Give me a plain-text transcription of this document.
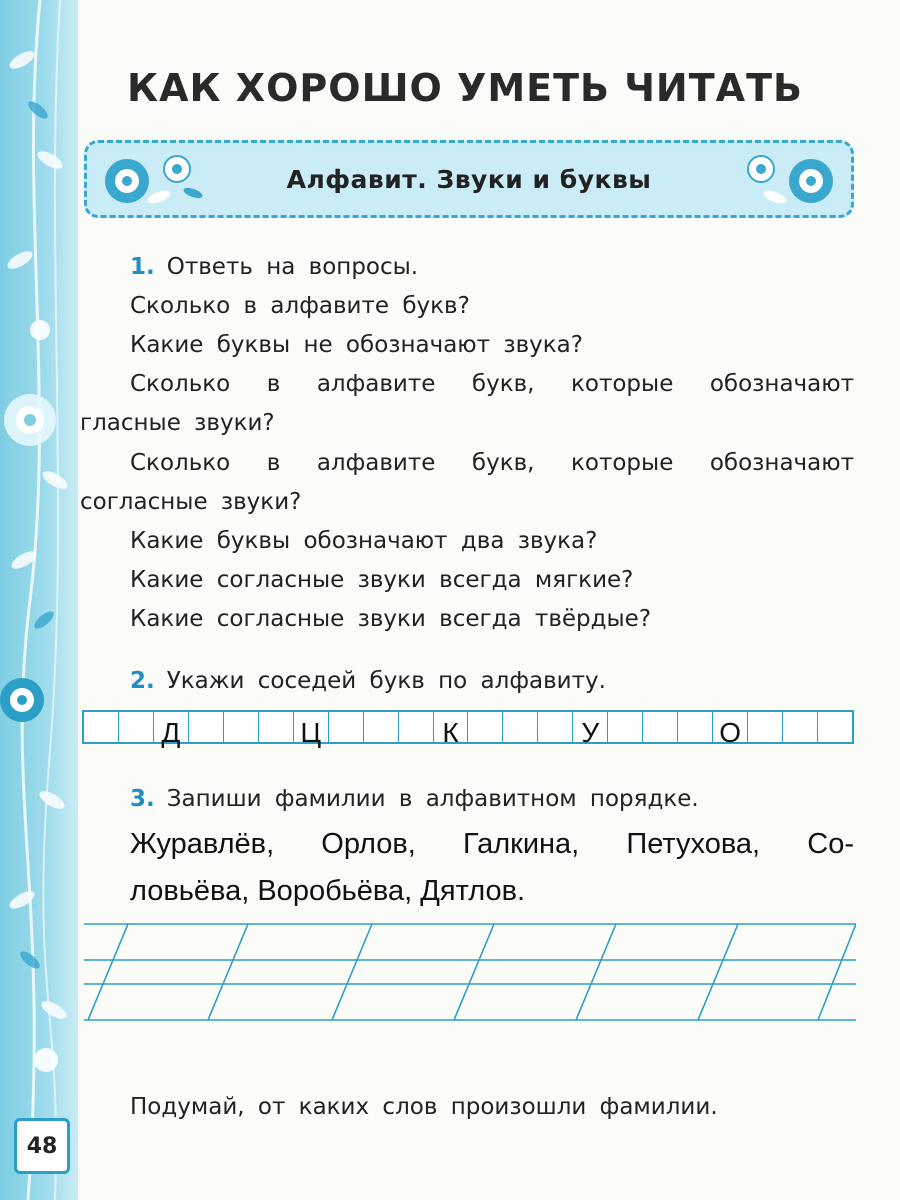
48
КАК ХОРОШО УМЕТЬ ЧИТАТЬ
Алфавит. Звуки и буквы
1. Ответь на вопросы.
Сколько в алфавите букв?
Какие буквы не обозначают звука?
Сколько в алфавите букв, которые обозначают
гласные звуки?
Сколько в алфавите букв, которые обозначают
согласные звуки?
Какие буквы обозначают два звука?
Какие согласные звуки всегда мягкие?
Какие согласные звуки всегда твёрдые?
2. Укажи соседей букв по алфавиту.
Д	Ц	К	У	О
3. Запиши фамилии в алфавитном порядке.
Журавлёв, Орлов, Галкина, Петухова, Со-
ловьёва, Воробьёва, Дятлов.
Подумай, от каких слов произошли фамилии.
